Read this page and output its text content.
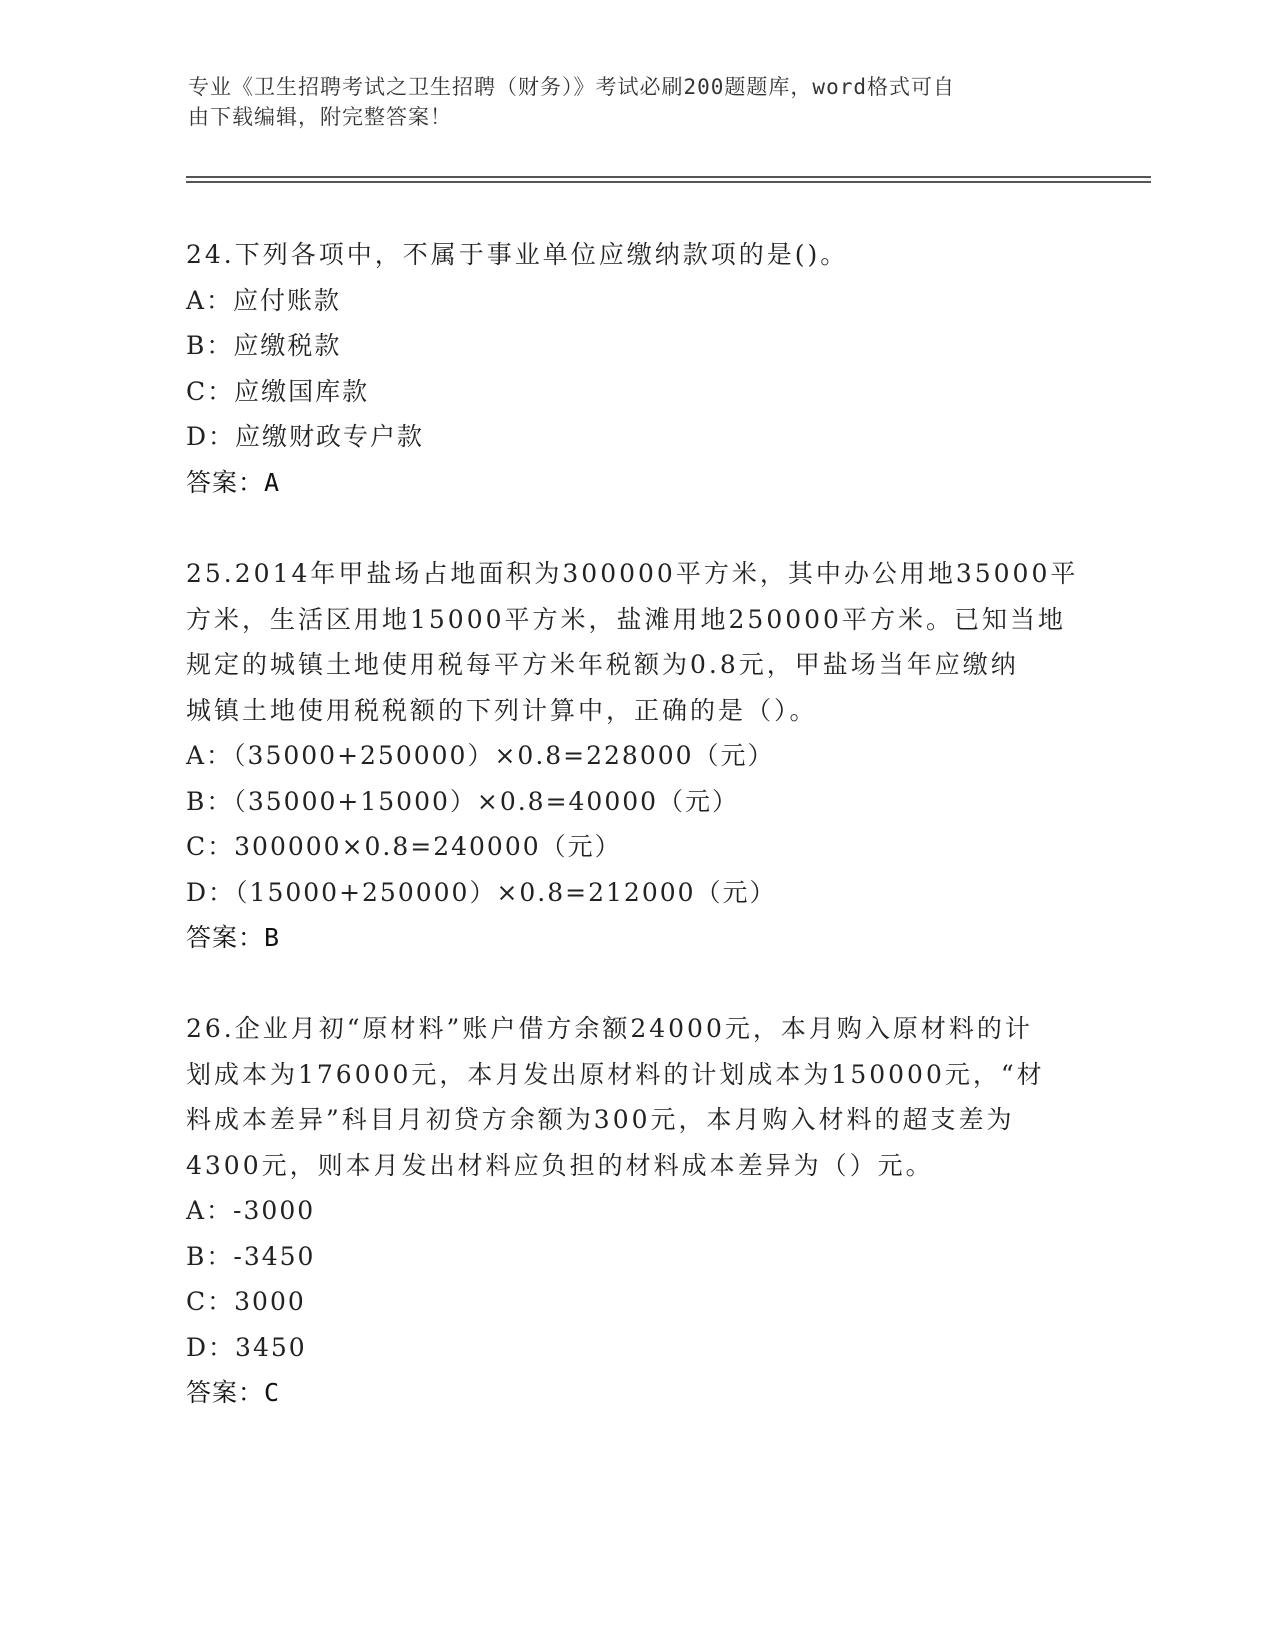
专业《卫生招聘考试之卫生招聘（财务）》考试必刷200题题库，word格式可自
由下载编辑，附完整答案！

24.下列各项中，不属于事业单位应缴纳款项的是()。

A：应付账款

B：应缴税款

C：应缴国库款

D：应缴财政专户款

答案：A

25.2014年甲盐场占地面积为300000平方米，其中办公用地35000平

方米，生活区用地15000平方米，盐滩用地250000平方米。已知当地

规定的城镇土地使用税每平方米年税额为0.8元，甲盐场当年应缴纳

城镇土地使用税税额的下列计算中，正确的是（）。

A：（35000+250000）×0.8=228000（元）

B：（35000+15000）×0.8=40000（元）

C：300000×0.8=240000（元）

D：（15000+250000）×0.8=212000（元）

答案：B

26.企业月初“原材料”账户借方余额24000元，本月购入原材料的计

划成本为176000元，本月发出原材料的计划成本为150000元，“材

料成本差异”科目月初贷方余额为300元，本月购入材料的超支差为

4300元，则本月发出材料应负担的材料成本差异为（）元。

A：-3000

B：-3450

C：3000

D：3450

答案：C
